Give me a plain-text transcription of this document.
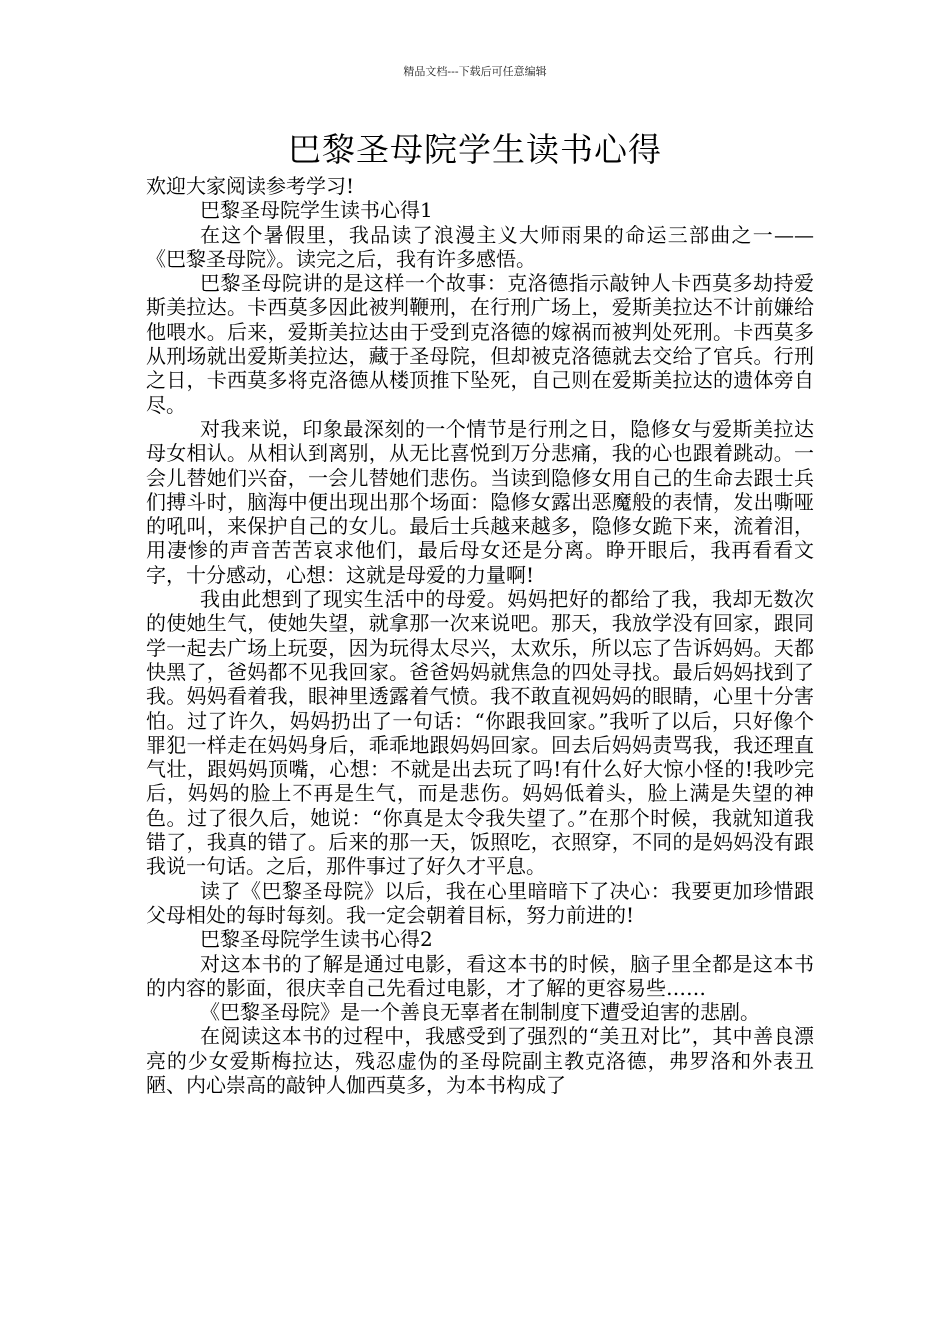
精品文档---下载后可任意编辑
巴黎圣母院学生读书心得

欢迎大家阅读参考学习!

巴黎圣母院学生读书心得1

在这个暑假里，我品读了浪漫主义大师雨果的命运三部曲之一——《巴黎圣母院》。读完之后，我有许多感悟。

巴黎圣母院讲的是这样一个故事：克洛德指示敲钟人卡西莫多劫持爱斯美拉达。卡西莫多因此被判鞭刑，在行刑广场上，爱斯美拉达不计前嫌给他喂水。后来，爱斯美拉达由于受到克洛德的嫁祸而被判处死刑。卡西莫多从刑场就出爱斯美拉达，藏于圣母院，但却被克洛德就去交给了官兵。行刑之日，卡西莫多将克洛德从楼顶推下坠死，自己则在爱斯美拉达的遗体旁自尽。

对我来说，印象最深刻的一个情节是行刑之日，隐修女与爱斯美拉达母女相认。从相认到离别，从无比喜悦到万分悲痛，我的心也跟着跳动。一会儿替她们兴奋，一会儿替她们悲伤。当读到隐修女用自己的生命去跟士兵们搏斗时，脑海中便出现出那个场面：隐修女露出恶魔般的表情，发出嘶哑的吼叫，来保护自己的女儿。最后士兵越来越多，隐修女跪下来，流着泪，用凄惨的声音苦苦哀求他们，最后母女还是分离。睁开眼后，我再看看文字，十分感动，心想：这就是母爱的力量啊!

我由此想到了现实生活中的母爱。妈妈把好的都给了我，我却无数次的使她生气，使她失望，就拿那一次来说吧。那天，我放学没有回家，跟同学一起去广场上玩耍，因为玩得太尽兴，太欢乐，所以忘了告诉妈妈。天都快黑了，爸妈都不见我回家。爸爸妈妈就焦急的四处寻找。最后妈妈找到了我。妈妈看着我，眼神里透露着气愤。我不敢直视妈妈的眼睛，心里十分害怕。过了许久，妈妈扔出了一句话：“你跟我回家。”我听了以后，只好像个罪犯一样走在妈妈身后，乖乖地跟妈妈回家。回去后妈妈责骂我，我还理直气壮，跟妈妈顶嘴，心想：不就是出去玩了吗!有什么好大惊小怪的!我吵完后，妈妈的脸上不再是生气，而是悲伤。妈妈低着头，脸上满是失望的神色。过了很久后，她说：“你真是太令我失望了。”在那个时候，我就知道我错了，我真的错了。后来的那一天，饭照吃，衣照穿，不同的是妈妈没有跟我说一句话。之后，那件事过了好久才平息。

读了《巴黎圣母院》以后，我在心里暗暗下了决心：我要更加珍惜跟父母相处的每时每刻。我一定会朝着目标，努力前进的!

巴黎圣母院学生读书心得2

对这本书的了解是通过电影，看这本书的时候，脑子里全都是这本书的内容的影面，很庆幸自己先看过电影，才了解的更容易些……

《巴黎圣母院》是一个善良无辜者在制制度下遭受迫害的悲剧。

在阅读这本书的过程中，我感受到了强烈的“美丑对比”，其中善良漂亮的少女爱斯梅拉达，残忍虚伪的圣母院副主教克洛德，弗罗洛和外表丑陋、内心崇高的敲钟人伽西莫多，为本书构成了
